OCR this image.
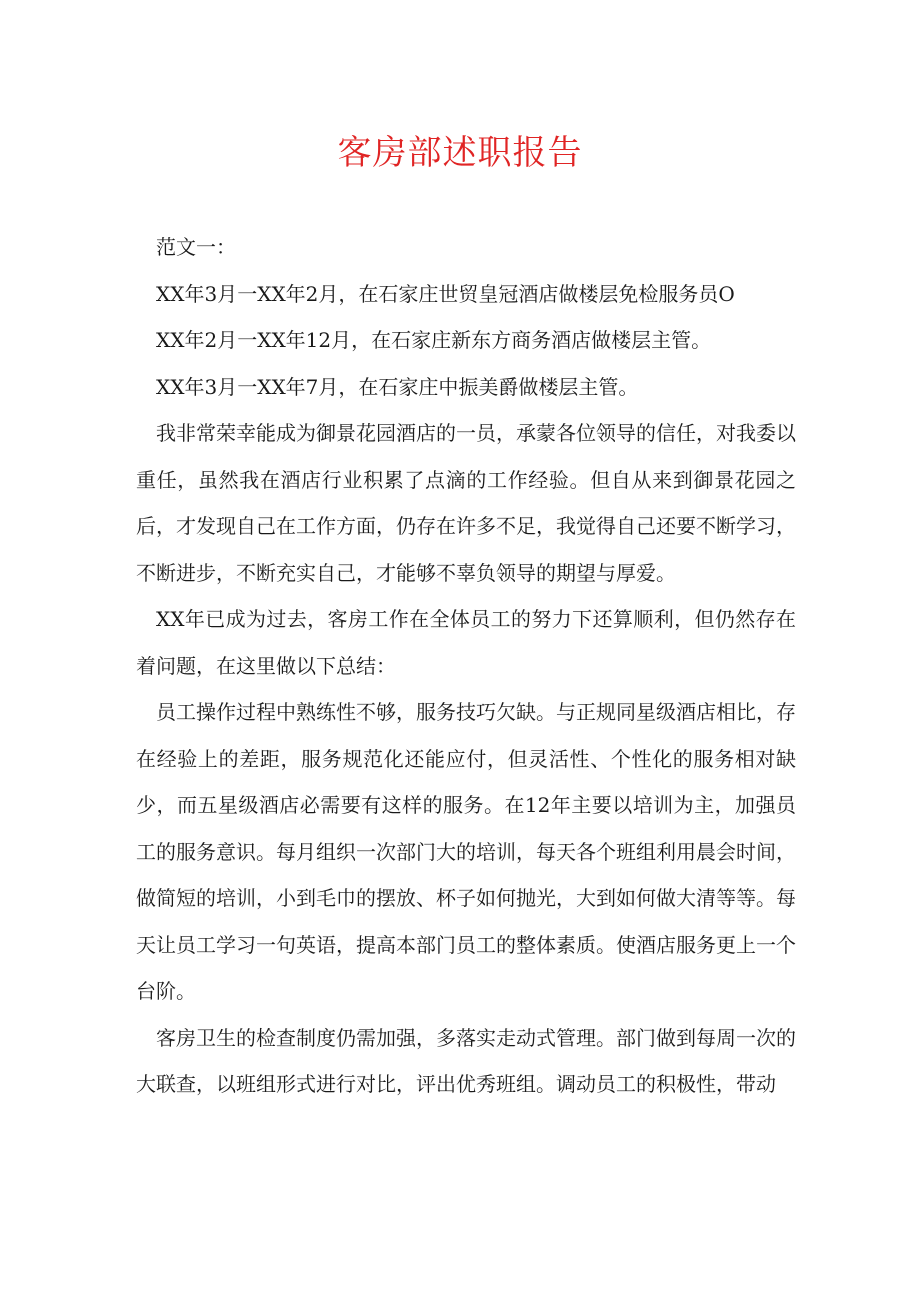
客房部述职报告

范文一：

XX年3月一XX年2月，在石家庄世贸皇冠酒店做楼层免检服务员O

XX年2月一XX年12月，在石家庄新东方商务酒店做楼层主管。

XX年3月一XX年7月，在石家庄中振美爵做楼层主管。

我非常荣幸能成为御景花园酒店的一员，承蒙各位领导的信任，对我委以重任，虽然我在酒店行业积累了点滴的工作经验。但自从来到御景花园之后，才发现自己在工作方面，仍存在许多不足，我觉得自己还要不断学习，不断进步，不断充实自己，才能够不辜负领导的期望与厚爱。

XX年已成为过去，客房工作在全体员工的努力下还算顺利，但仍然存在着问题，在这里做以下总结：

员工操作过程中熟练性不够，服务技巧欠缺。与正规同星级酒店相比，存在经验上的差距，服务规范化还能应付，但灵活性、个性化的服务相对缺少，而五星级酒店必需要有这样的服务。在12年主要以培训为主，加强员工的服务意识。每月组织一次部门大的培训，每天各个班组利用晨会时间，做简短的培训，小到毛巾的摆放、杯子如何抛光，大到如何做大清等等。每天让员工学习一句英语，提高本部门员工的整体素质。使酒店服务更上一个台阶。

客房卫生的检查制度仍需加强，多落实走动式管理。部门做到每周一次的大联查，以班组形式进行对比，评出优秀班组。调动员工的积极性，带动
